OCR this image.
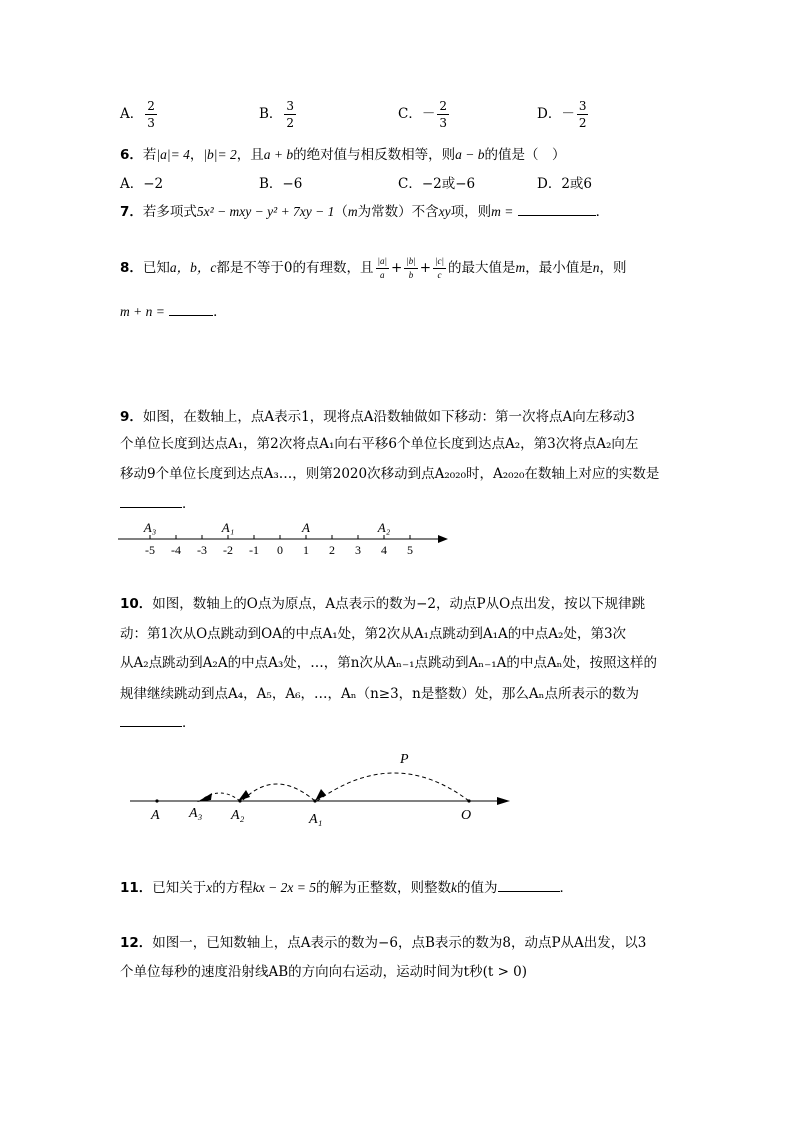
A． $\frac{2}{3}$	B． $\frac{3}{2}$	C．－ $\frac{2}{3}$	D．－ $\frac{3}{2}$
6．若|a|= 4，|b|= 2，且a + b的绝对值与相反数相等，则a − b的值是（　）
A．−2	B．−6	C．−2或−6	D．2或6
7．若多项式5x² − mxy − y² + 7xy − 1（m为常数）不含xy项，则m =	．
8．已知a，b，c都是不等于0的有理数，且 $\frac{|a|}{a} + \frac{|b|}{b} + \frac{|c|}{c}$ 的最大值是m，最小值是n，则
m + n =	．
9．如图，在数轴上，点A表示1，现将点A沿数轴做如下移动：第一次将点A向左移动3
个单位长度到达点A₁，第2次将点A₁向右平移6个单位长度到达点A₂，第3次将点A₂向左
移动9个单位长度到达点A₃…，则第2020次移动到点A₂₀₂₀时，A₂₀₂₀在数轴上对应的实数是
．
-5 -4 -3 -2 -1 0 1 2 3 4 5
A₃	A₁	A	A₂
10．如图，数轴上的O点为原点，A点表示的数为−2，动点P从O点出发，按以下规律跳
动：第1次从O点跳动到OA的中点A₁处，第2次从A₁点跳动到A₁A的中点A₂处，第3次
从A₂点跳动到A₂A的中点A₃处，…，第n次从Aₙ₋₁点跳动到Aₙ₋₁A的中点Aₙ处，按照这样的
规律继续跳动到点A₄，A₅，A₆，…，Aₙ（n≥3，n是整数）处，那么Aₙ点所表示的数为
．
A A₃ A₂	A₁	O
P
11．已知关于x的方程kx − 2x = 5的解为正整数，则整数k的值为	．
12．如图一，已知数轴上，点A表示的数为−6，点B表示的数为8，动点P从A出发，以3
个单位每秒的速度沿射线AB的方向向右运动，运动时间为t秒(t > 0)
